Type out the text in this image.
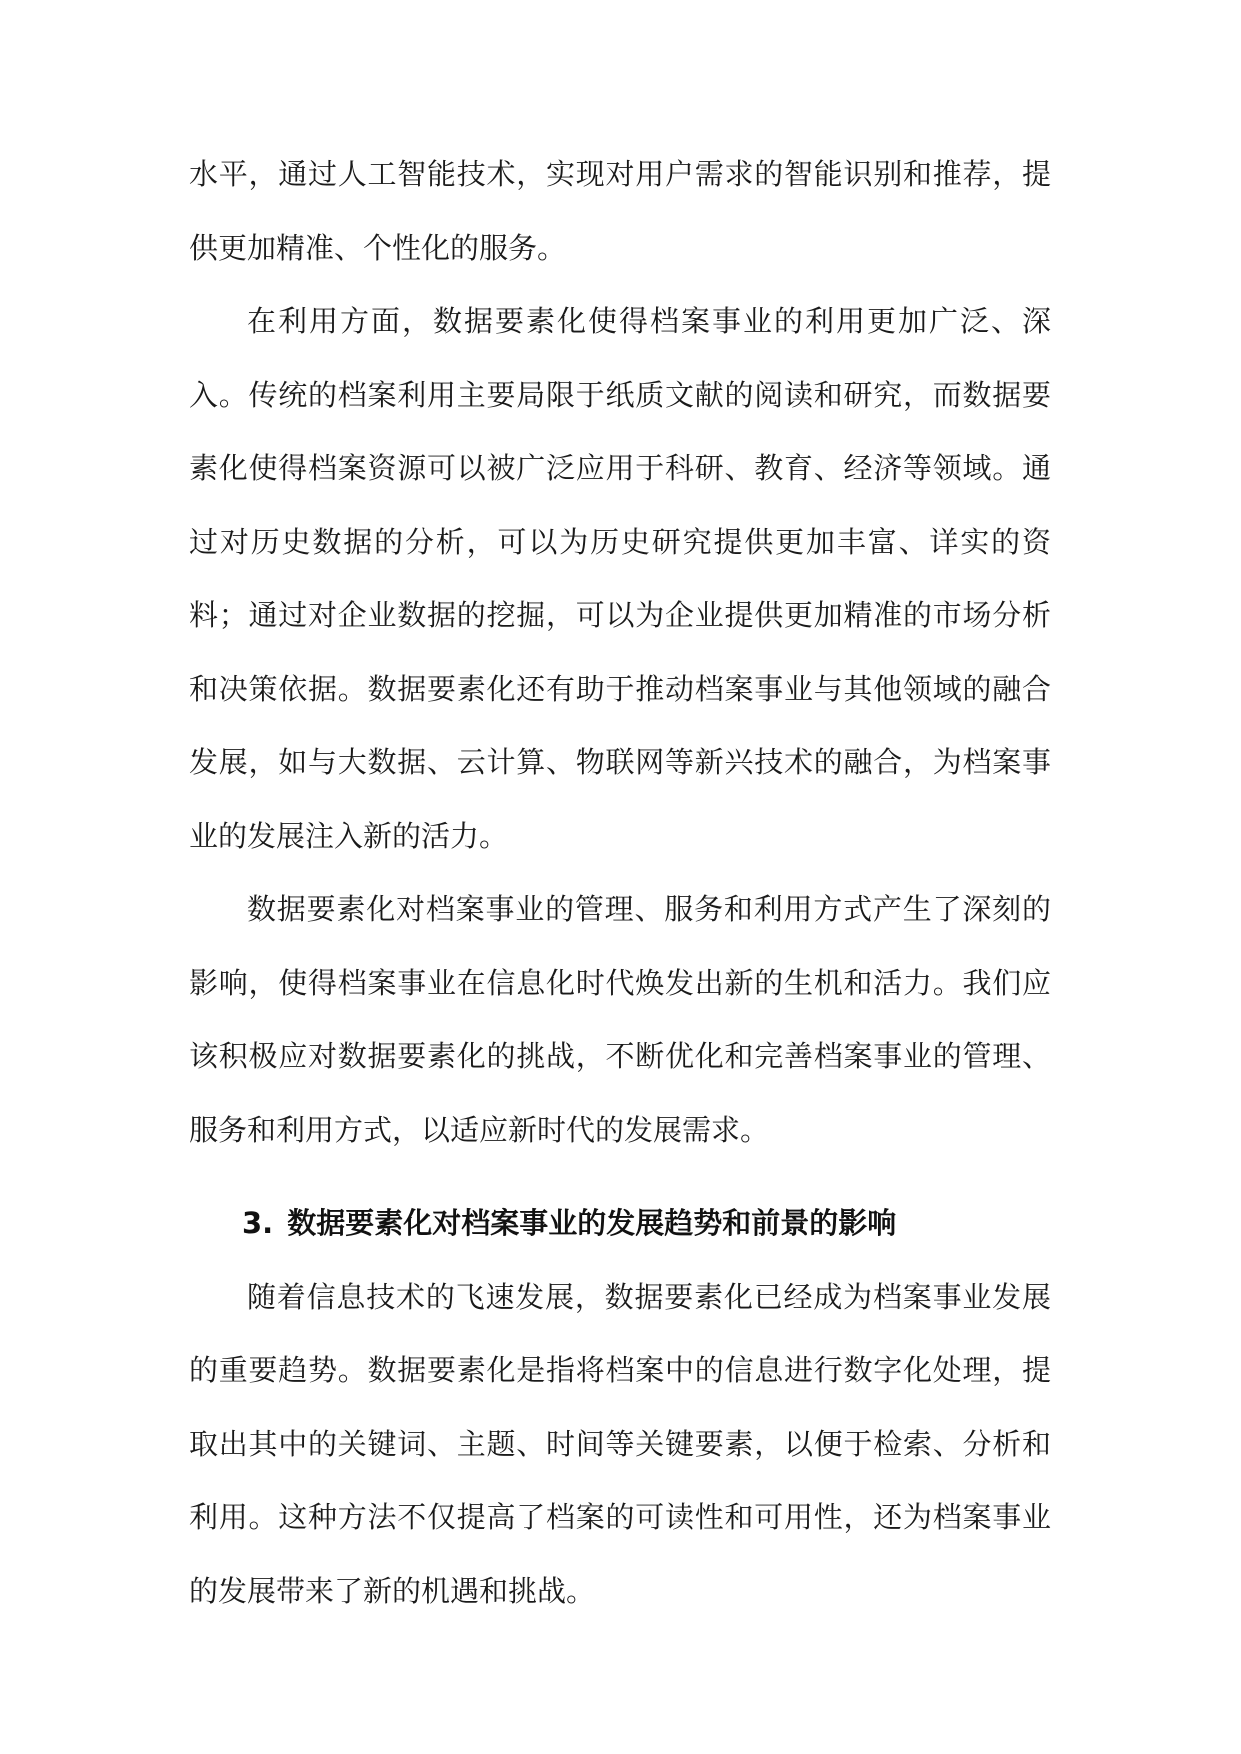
水平，通过人工智能技术，实现对用户需求的智能识别和推荐，提供更加精准、个性化的服务。

在利用方面，数据要素化使得档案事业的利用更加广泛、深入。传统的档案利用主要局限于纸质文献的阅读和研究，而数据要素化使得档案资源可以被广泛应用于科研、教育、经济等领域。通过对历史数据的分析，可以为历史研究提供更加丰富、详实的资料；通过对企业数据的挖掘，可以为企业提供更加精准的市场分析和决策依据。数据要素化还有助于推动档案事业与其他领域的融合发展，如与大数据、云计算、物联网等新兴技术的融合，为档案事业的发展注入新的活力。

数据要素化对档案事业的管理、服务和利用方式产生了深刻的影响，使得档案事业在信息化时代焕发出新的生机和活力。我们应该积极应对数据要素化的挑战，不断优化和完善档案事业的管理、服务和利用方式，以适应新时代的发展需求。

3. 数据要素化对档案事业的发展趋势和前景的影响

随着信息技术的飞速发展，数据要素化已经成为档案事业发展的重要趋势。数据要素化是指将档案中的信息进行数字化处理，提取出其中的关键词、主题、时间等关键要素，以便于检索、分析和利用。这种方法不仅提高了档案的可读性和可用性，还为档案事业的发展带来了新的机遇和挑战。
